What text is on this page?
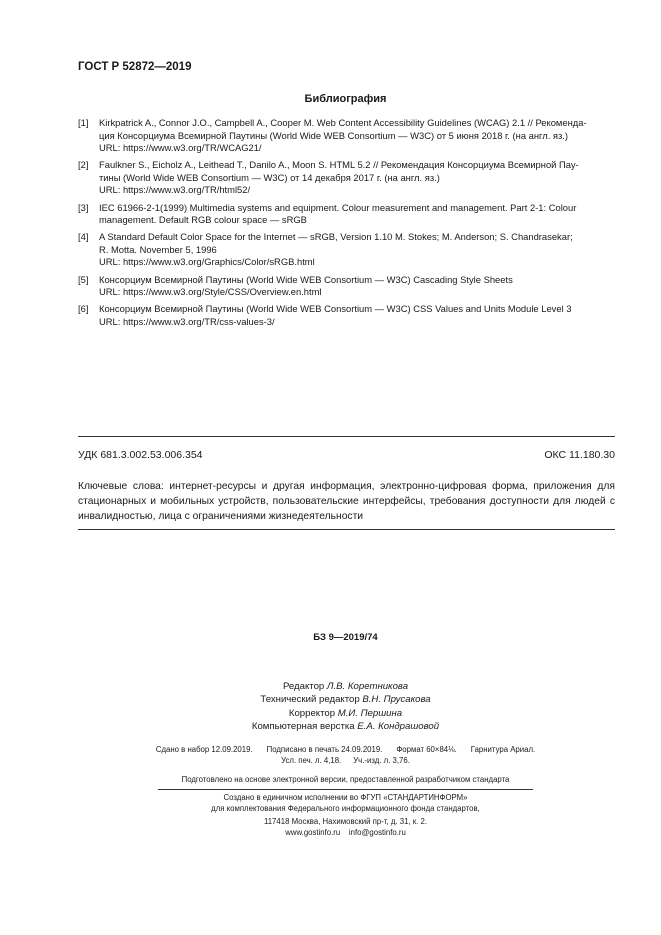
ГОСТ Р 52872—2019
Библиография
[1]	Kirkpatrick A., Connor J.O., Campbell A., Cooper M. Web Content Accessibility Guidelines (WCAG) 2.1 // Рекоменда-
ция Консорциума Всемирной Паутины (World Wide WEB Consortium — W3C) от 5 июня 2018 г. (на англ. яз.)
URL: https://www.w3.org/TR/WCAG21/
[2]	Faulkner S., Eicholz A., Leithead T., Danilo A., Moon S. HTML 5.2 // Рекомендация Консорциума Всемирной Пау-
тины (World Wide WEB Consortium — W3C) от 14 декабря 2017 г. (на англ. яз.)
URL: https://www.w3.org/TR/html52/
[3]	IEC 61966-2-1(1999) Multimedia systems and equipment. Colour measurement and management. Part 2-1: Colour
management. Default RGB colour space — sRGB
[4]	A Standard Default Color Space for the Internet — sRGB, Version 1.10 M. Stokes; M. Anderson; S. Chandrasekar;
R. Motta. November 5, 1996
URL: https://www.w3.org/Graphics/Color/sRGB.html
[5]	Консорциум Всемирной Паутины (World Wide WEB Consortium — W3C) Cascading Style Sheets
URL: https://www.w3.org/Style/CSS/Overview.en.html
[6]	Консорциум Всемирной Паутины (World Wide WEB Consortium — W3C) CSS Values and Units Module Level 3
URL: https://www.w3.org/TR/css-values-3/
УДК 681.3.002.53.006.354	ОКС 11.180.30
Ключевые слова: интернет-ресурсы и другая информация, электронно-цифровая форма, приложения для стационарных и мобильных устройств, пользовательские интерфейсы, требования доступности для людей с инвалидностью, лица с ограничениями жизнедеятельности
БЗ 9—2019/74
Редактор Л.В. Коретникова
Технический редактор В.Н. Прусакова
Корректор М.И. Першина
Компьютерная верстка Е.А. Кондрашовой
Сдано в набор 12.09.2019. Подписано в печать 24.09.2019. Формат 60×84⅛. Гарнитура Ариал.
Усл. печ. л. 4,18. Уч.-изд. л. 3,76.
Подготовлено на основе электронной версии, предоставленной разработчиком стандарта
Создано в единичном исполнении во ФГУП «СТАНДАРТИНФОРМ»
для комплектования Федерального информационного фонда стандартов,
117418 Москва, Нахимовский пр-т, д. 31, к. 2.
www.gostinfo.ru info@gostinfo.ru
